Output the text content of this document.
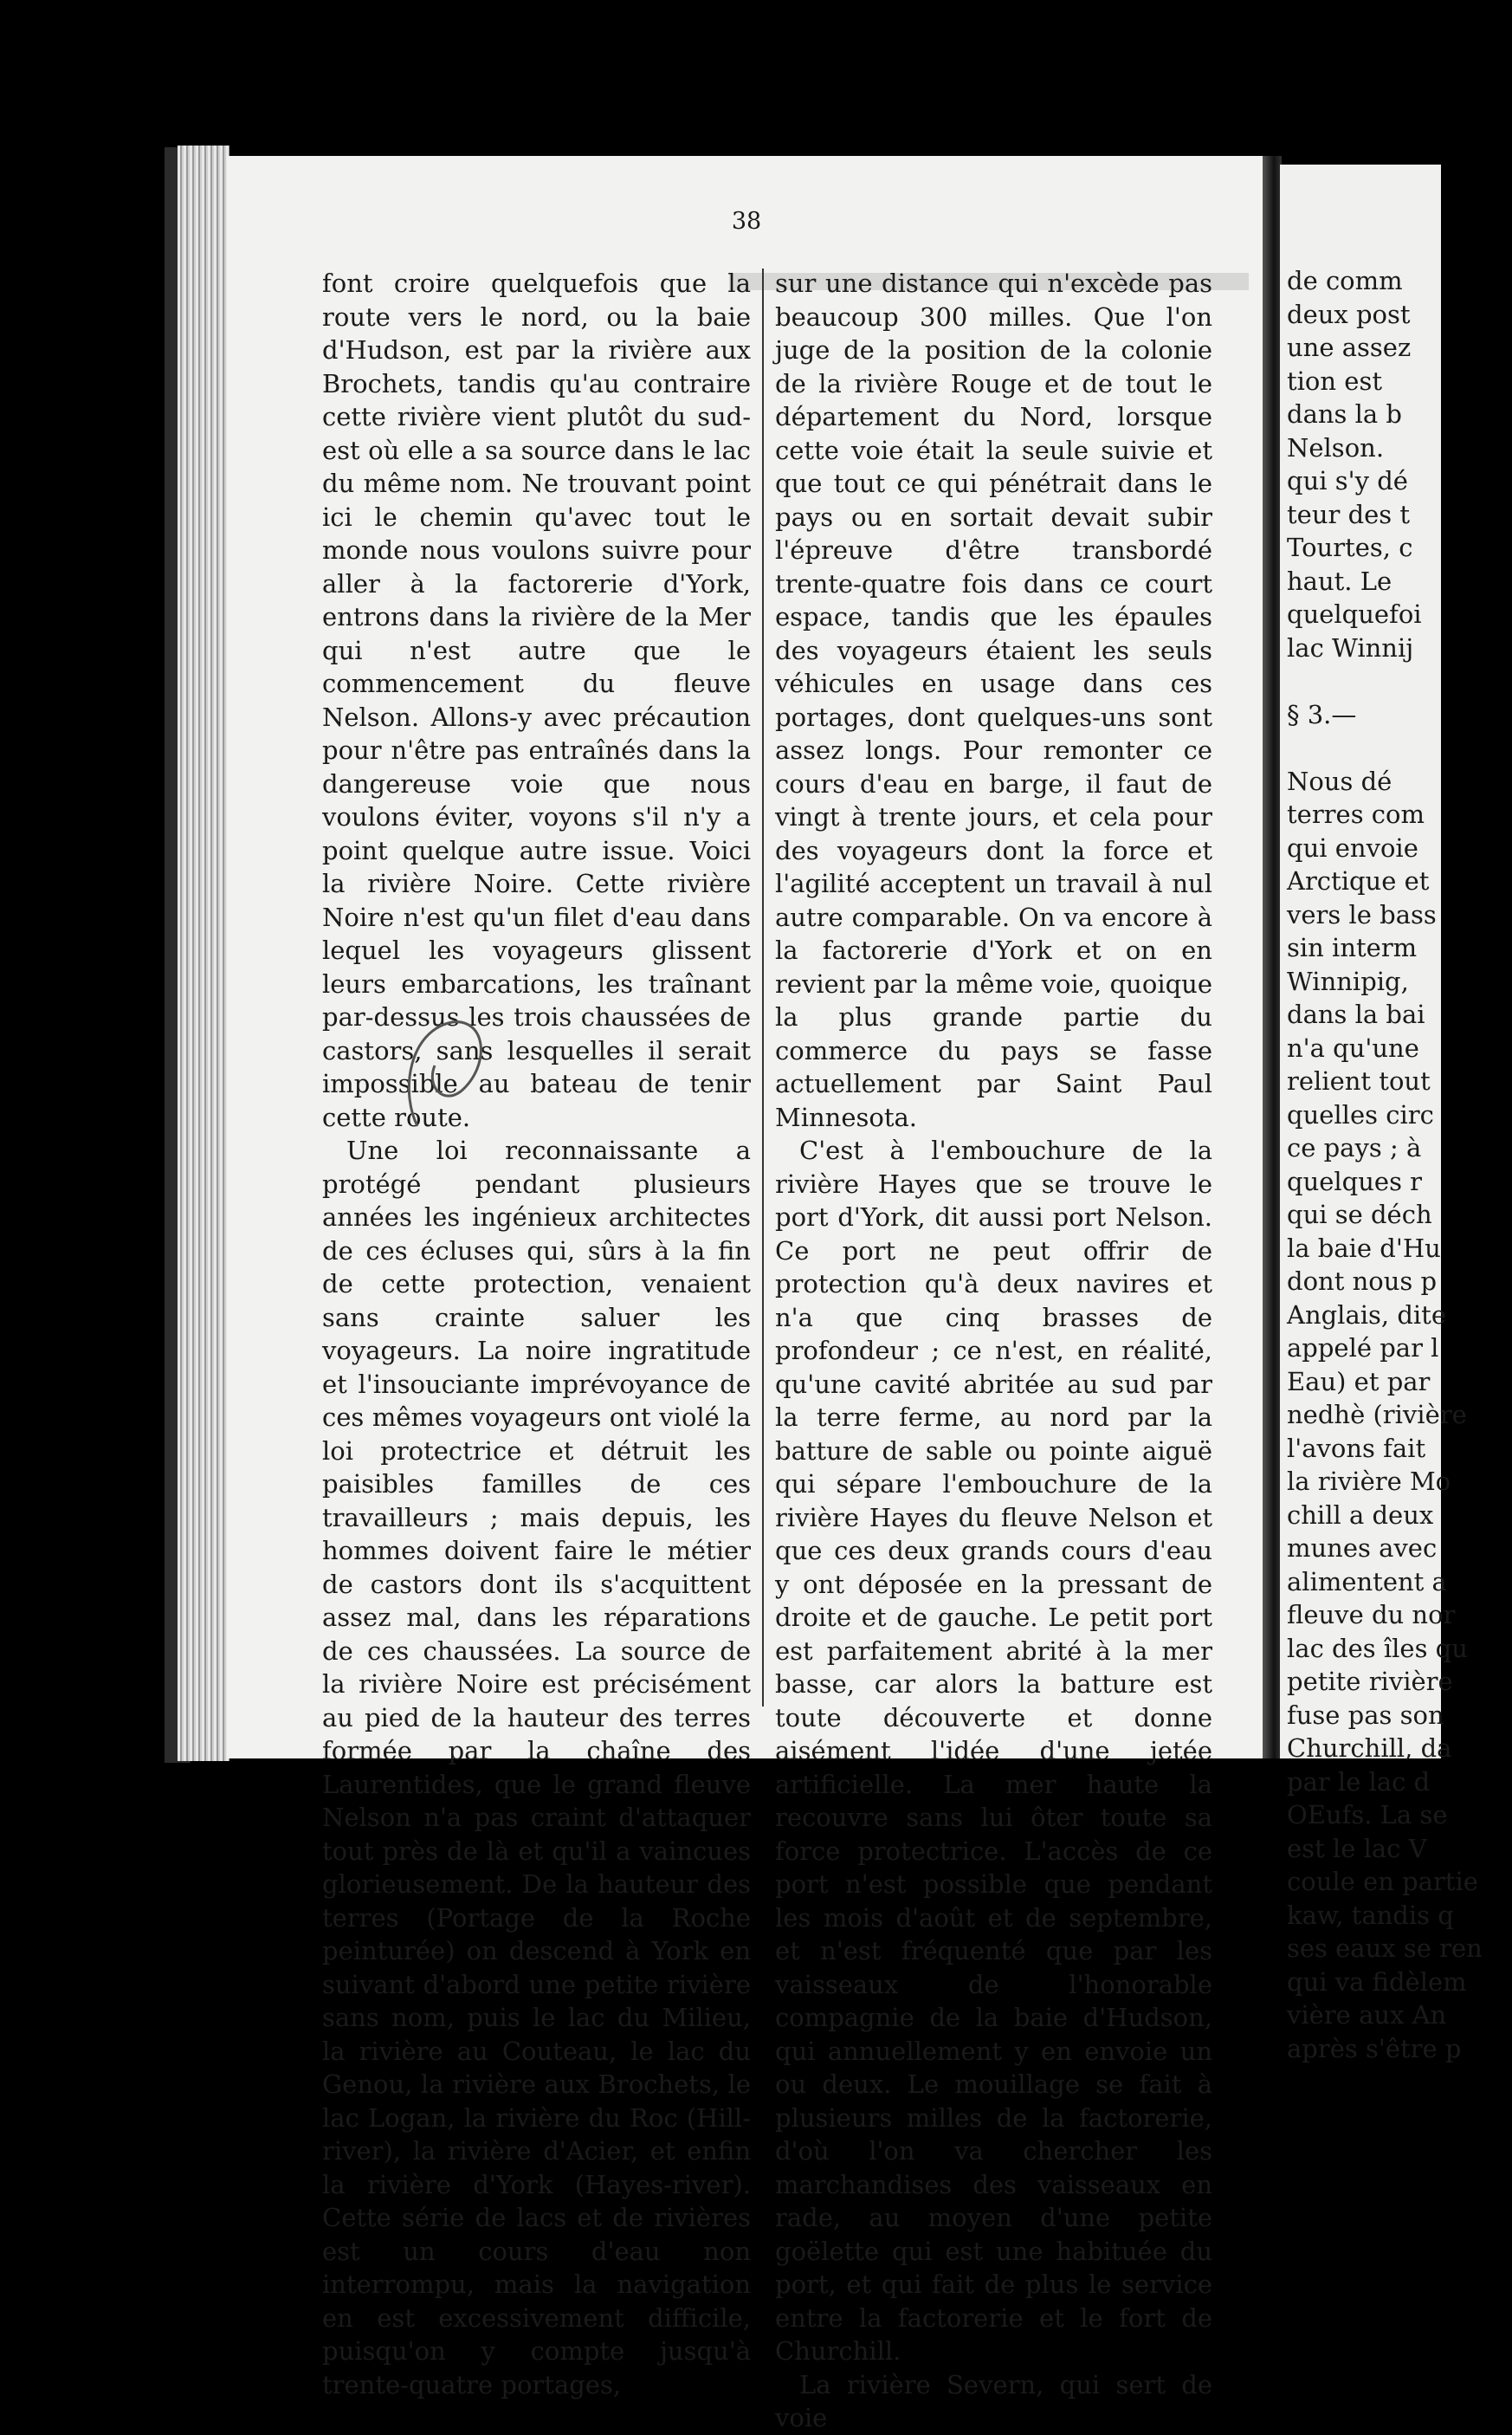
38

font croire quelquefois que la route vers le nord, ou la baie d'Hudson, est par la rivière aux Brochets, tandis qu'au contraire cette rivière vient plutôt du sud-est où elle a sa source dans le lac du même nom. Ne trouvant point ici le chemin qu'avec tout le monde nous voulons suivre pour aller à la factorerie d'York, entrons dans la rivière de la Mer qui n'est autre que le commencement du fleuve Nelson. Allons-y avec précaution pour n'être pas entraînés dans la dangereuse voie que nous voulons éviter, voyons s'il n'y a point quelque autre issue. Voici la rivière Noire. Cette rivière Noire n'est qu'un filet d'eau dans lequel les voyageurs glissent leurs embarcations, les traînant par-dessus les trois chaussées de castors, sans lesquelles il serait impossible au bateau de tenir cette route.

Une loi reconnaissante a protégé pendant plusieurs années les ingénieux architectes de ces écluses qui, sûrs à la fin de cette protection, venaient sans crainte saluer les voyageurs. La noire ingratitude et l'insouciante imprévoyance de ces mêmes voyageurs ont violé la loi protectrice et détruit les paisibles familles de ces travailleurs ; mais depuis, les hommes doivent faire le métier de castors dont ils s'acquittent assez mal, dans les réparations de ces chaussées. La source de la rivière Noire est précisément au pied de la hauteur des terres formée par la chaîne des Laurentides, que le grand fleuve Nelson n'a pas craint d'attaquer tout près de là et qu'il a vaincues glorieusement. De la hauteur des terres (Portage de la Roche peinturée) on descend à York en suivant d'abord une petite rivière sans nom, puis le lac du Milieu, la rivière au Couteau, le lac du Genou, la rivière aux Brochets, le lac Logan, la rivière du Roc (Hill-river), la rivière d'Acier, et enfin la rivière d'York (Hayes-river). Cette série de lacs et de rivières est un cours d'eau non interrompu, mais la navigation en est excessivement difficile, puisqu'on y compte jusqu'à trente-quatre portages,

sur une distance qui n'excède pas beaucoup 300 milles. Que l'on juge de la position de la colonie de la rivière Rouge et de tout le département du Nord, lorsque cette voie était la seule suivie et que tout ce qui pénétrait dans le pays ou en sortait devait subir l'épreuve d'être transbordé trente-quatre fois dans ce court espace, tandis que les épaules des voyageurs étaient les seuls véhicules en usage dans ces portages, dont quelques-uns sont assez longs. Pour remonter ce cours d'eau en barge, il faut de vingt à trente jours, et cela pour des voyageurs dont la force et l'agilité acceptent un travail à nul autre comparable. On va encore à la factorerie d'York et on en revient par la même voie, quoique la plus grande partie du commerce du pays se fasse actuellement par Saint Paul Minnesota.

C'est à l'embouchure de la rivière Hayes que se trouve le port d'York, dit aussi port Nelson. Ce port ne peut offrir de protection qu'à deux navires et n'a que cinq brasses de profondeur ; ce n'est, en réalité, qu'une cavité abritée au sud par la terre ferme, au nord par la batture de sable ou pointe aiguë qui sépare l'embouchure de la rivière Hayes du fleuve Nelson et que ces deux grands cours d'eau y ont déposée en la pressant de droite et de gauche. Le petit port est parfaitement abrité à la mer basse, car alors la batture est toute découverte et donne aisément l'idée d'une jetée artificielle. La mer haute la recouvre sans lui ôter toute sa force protectrice. L'accès de ce port n'est possible que pendant les mois d'août et de septembre, et n'est fréquenté que par les vaisseaux de l'honorable compagnie de la baie d'Hudson, qui annuellement y en envoie un ou deux. Le mouillage se fait à plusieurs milles de la factorerie, d'où l'on va chercher les marchandises des vaisseaux en rade, au moyen d'une petite goëlette qui est une habituée du port, et qui fait de plus le service entre la factorerie et le fort de Churchill.

La rivière Severn, qui sert de voie

de comm
deux post
une assez
tion est
dans la b
Nelson.
qui s'y dé
teur des t
Tourtes, c
haut. Le
quelquefoi
lac Winnij
§ 3.—
Nous dé
terres com
qui envoie
Arctique et
vers le bass
sin interm
Winnipig,
dans la bai
n'a qu'une
relient tout
quelles circ
ce pays ; à
quelques r
qui se déch
la baie d'Hu
dont nous p
Anglais, dite
appelé par l
Eau) et par
nedhè (rivière
l'avons fait
la rivière Mo
chill a deux
munes avec
alimentent a
fleuve du nor
lac des îles qu
petite rivière
fuse pas son
Churchill, da
par le lac d
OEufs. La se
est le lac V
coule en partie
kaw, tandis q
ses eaux se ren
qui va fidèlem
vière aux An
après s'être p
